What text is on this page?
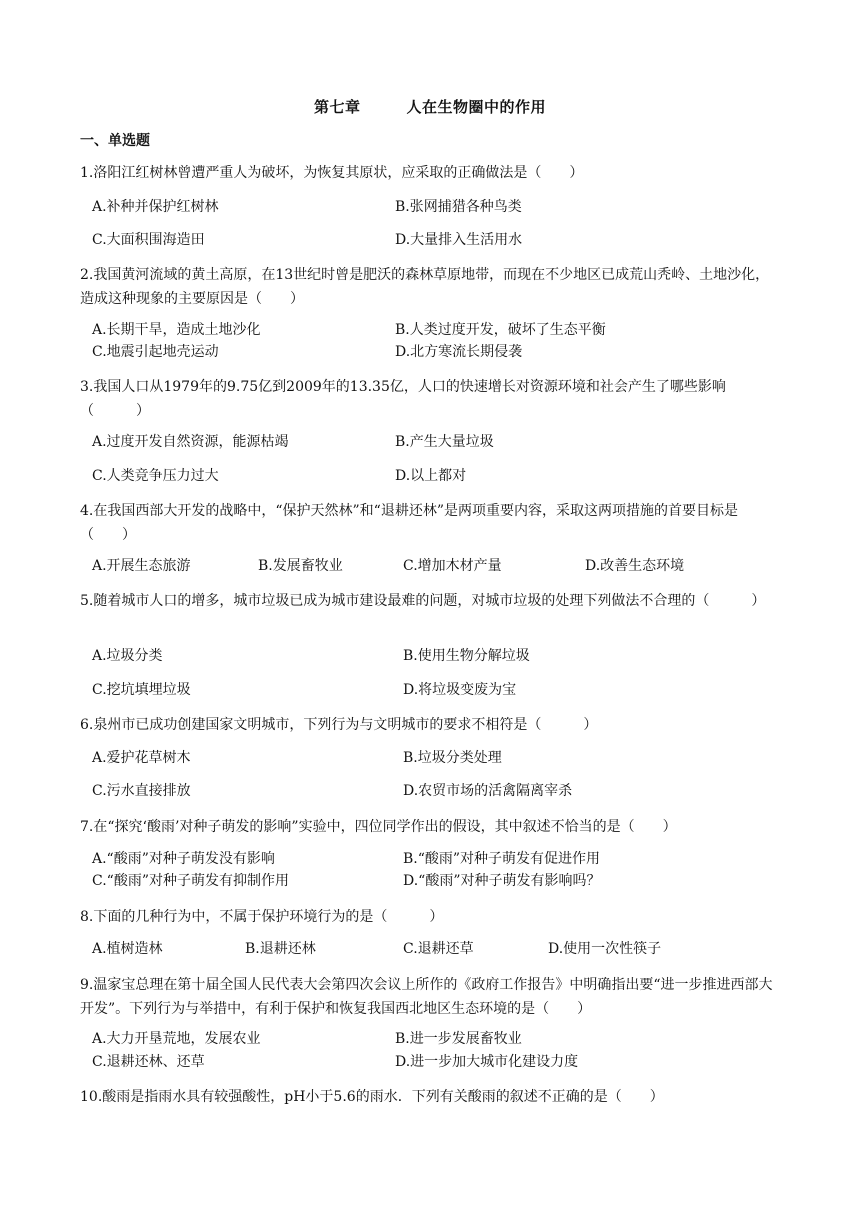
第七章	人在生物圈中的作用
一、单选题
1.洛阳江红树林曾遭严重人为破坏，为恢复其原状，应采取的正确做法是（　　）
A.补种并保护红树林	B.张网捕猎各种鸟类
C.大面积围海造田	D.大量排入生活用水
2.我国黄河流域的黄土高原，在13世纪时曾是肥沃的森林草原地带，而现在不少地区已成荒山秃岭、土地沙化，造成这种现象的主要原因是（　　）
A.长期干旱，造成土地沙化	B.人类过度开发，破坏了生态平衡
C.地震引起地壳运动	D.北方寒流长期侵袭
3.我国人口从1979年的9.75亿到2009年的13.35亿，人口的快速增长对资源环境和社会产生了哪些影响（　　　）
A.过度开发自然资源，能源枯竭	B.产生大量垃圾
C.人类竞争压力过大	D.以上都对
4.在我国西部大开发的战略中，“保护天然林”和“退耕还林”是两项重要内容，采取这两项措施的首要目标是（　　）
A.开展生态旅游	B.发展畜牧业	C.增加木材产量	D.改善生态环境
5.随着城市人口的增多，城市垃圾已成为城市建设最难的问题，对城市垃圾的处理下列做法不合理的（　　　）
A.垃圾分类	B.使用生物分解垃圾
C.挖坑填埋垃圾	D.将垃圾变废为宝
6.泉州市已成功创建国家文明城市，下列行为与文明城市的要求不相符是（　　　）
A.爱护花草树木	B.垃圾分类处理
C.污水直接排放	D.农贸市场的活禽隔离宰杀
7.在“探究‘酸雨’对种子萌发的影响”实验中，四位同学作出的假设，其中叙述不恰当的是（　　）
A.“酸雨”对种子萌发没有影响	B.“酸雨”对种子萌发有促进作用
C.“酸雨”对种子萌发有抑制作用	D.“酸雨”对种子萌发有影响吗？
8.下面的几种行为中，不属于保护环境行为的是（　　　）
A.植树造林	B.退耕还林	C.退耕还草	D.使用一次性筷子
9.温家宝总理在第十届全国人民代表大会第四次会议上所作的《政府工作报告》中明确指出要“进一步推进西部大开发”。下列行为与举措中，有利于保护和恢复我国西北地区生态环境的是（　　）
A.大力开垦荒地，发展农业	B.进一步发展畜牧业
C.退耕还林、还草	D.进一步加大城市化建设力度
10.酸雨是指雨水具有较强酸性，pH小于5.6的雨水．下列有关酸雨的叙述不正确的是（　　）
